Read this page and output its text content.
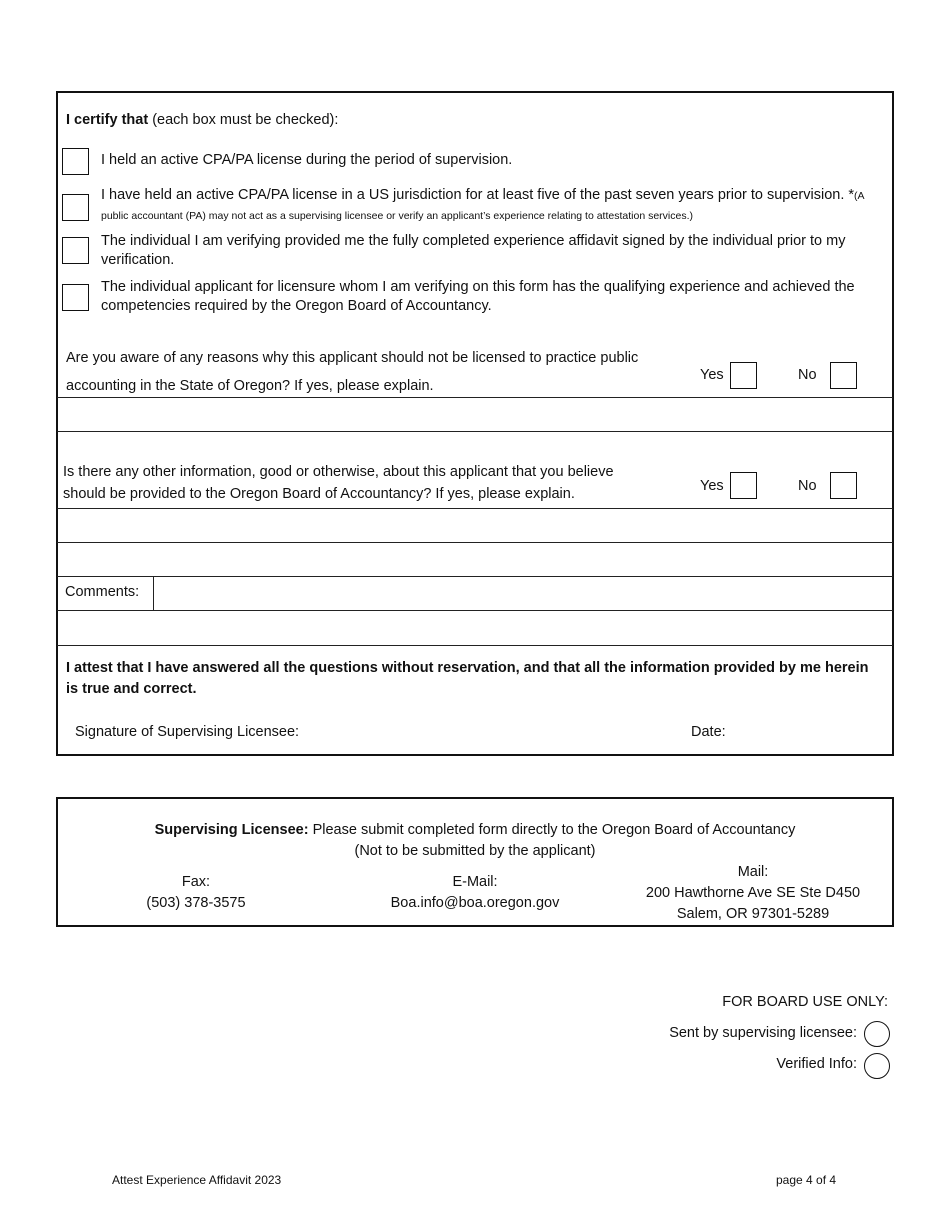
I certify that (each box must be checked):
I held an active CPA/PA license during the period of supervision.
I have held an active CPA/PA license in a US jurisdiction for at least five of the past seven years prior to supervision. *(A public accountant (PA) may not act as a supervising licensee or verify an applicant’s experience relating to attestation services.)
The individual I am verifying provided me the fully completed experience affidavit signed by the individual prior to my verification.
The individual applicant for licensure whom I am verifying on this form has the qualifying experience and achieved the competencies required by the Oregon Board of Accountancy.
Are you aware of any reasons why this applicant should not be licensed to practice public
accounting in the State of Oregon? If yes, please explain.
Yes	No
Is there any other information, good or otherwise, about this applicant that you believe
should be provided to the Oregon Board of Accountancy? If yes, please explain.	Yes	No
Comments:
I attest that I have answered all the questions without reservation, and that all the information provided by me herein is true and correct.
Signature of Supervising Licensee:	Date:
Supervising Licensee: Please submit completed form directly to the Oregon Board of Accountancy
(Not to be submitted by the applicant)
Fax:
(503) 378-3575
E-Mail:
Boa.info@boa.oregon.gov
Mail:
200 Hawthorne Ave SE Ste D450
Salem, OR 97301-5289
FOR BOARD USE ONLY:
Sent by supervising licensee:
Verified Info:
Attest Experience Affidavit 2023	page 4 of 4
